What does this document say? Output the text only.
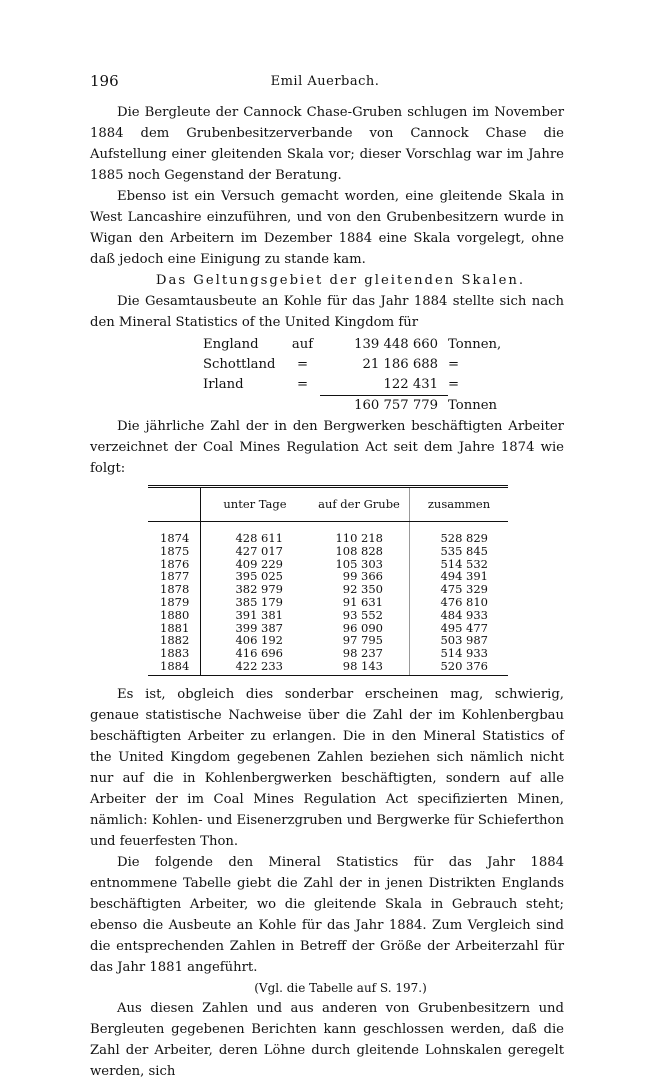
196	Emil Auerbach.

Die Bergleute der Cannock Chase-Gruben schlugen im November 1884 dem Grubenbesitzerverbande von Cannock Chase die Aufstellung einer gleitenden Skala vor; dieser Vorschlag war im Jahre 1885 noch Gegenstand der Beratung.

Ebenso ist ein Versuch gemacht worden, eine gleitende Skala in West Lancashire einzuführen, und von den Grubenbesitzern wurde in Wigan den Arbeitern im Dezember 1884 eine Skala vorgelegt, ohne daß jedoch eine Einigung zu stande kam.

Das Geltungsgebiet der gleitenden Skalen.

Die Gesamtausbeute an Kohle für das Jahr 1884 stellte sich nach den Mineral Statistics of the United Kingdom für

England	auf	139 448 660	Tonnen,
Schottland	=	21 186 688	=
Irland	=	122 431	=
		160 757 779	Tonnen

Die jährliche Zahl der in den Bergwerken beschäftigten Arbeiter verzeichnet der Coal Mines Regulation Act seit dem Jahre 1874 wie folgt:

	unter Tage	auf der Grube	zusammen
1874	428 611	110 218	528 829
1875	427 017	108 828	535 845
1876	409 229	105 303	514 532
1877	395 025	99 366	494 391
1878	382 979	92 350	475 329
1879	385 179	91 631	476 810
1880	391 381	93 552	484 933
1881	399 387	96 090	495 477
1882	406 192	97 795	503 987
1883	416 696	98 237	514 933
1884	422 233	98 143	520 376

Es ist, obgleich dies sonderbar erscheinen mag, schwierig, genaue statistische Nachweise über die Zahl der im Kohlenbergbau beschäftigten Arbeiter zu erlangen. Die in den Mineral Statistics of the United Kingdom gegebenen Zahlen beziehen sich nämlich nicht nur auf die in Kohlenbergwerken beschäftigten, sondern auf alle Arbeiter der im Coal Mines Regulation Act specifizierten Minen, nämlich: Kohlen- und Eisenerzgruben und Bergwerke für Schieferthon und feuerfesten Thon.

Die folgende den Mineral Statistics für das Jahr 1884 entnommene Tabelle giebt die Zahl der in jenen Distrikten Englands beschäftigten Arbeiter, wo die gleitende Skala in Gebrauch steht; ebenso die Ausbeute an Kohle für das Jahr 1884. Zum Vergleich sind die entsprechenden Zahlen in Betreff der Größe der Arbeiterzahl für das Jahr 1881 angeführt.

(Vgl. die Tabelle auf S. 197.)

Aus diesen Zahlen und aus anderen von Grubenbesitzern und Bergleuten gegebenen Berichten kann geschlossen werden, daß die Zahl der Arbeiter, deren Löhne durch gleitende Lohnskalen geregelt werden, sich
